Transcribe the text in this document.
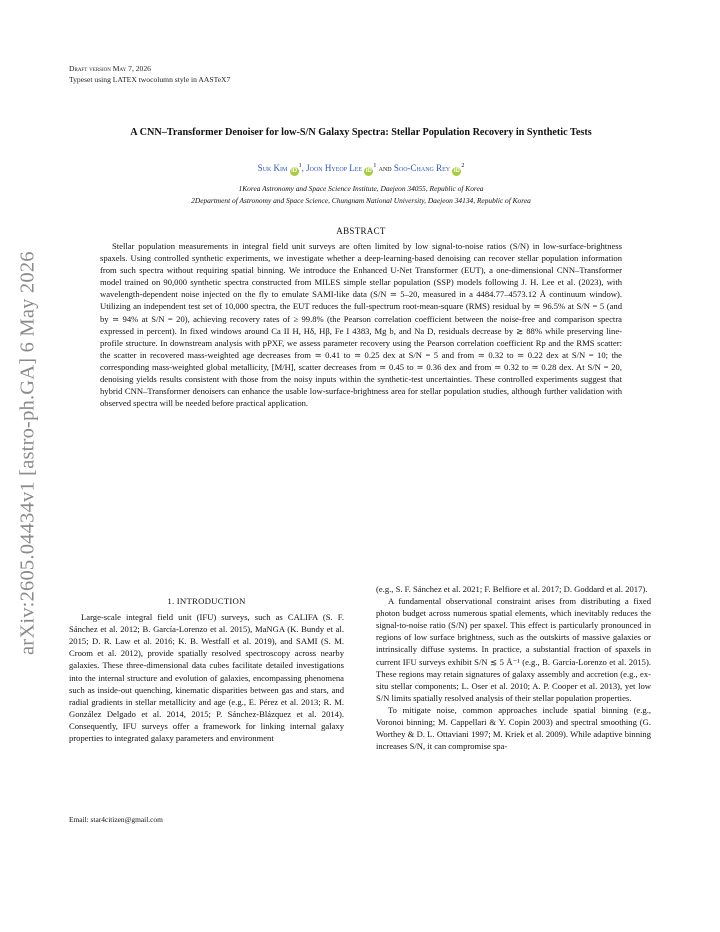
arXiv:2605.04434v1 [astro-ph.GA] 6 May 2026
Draft version May 7, 2026
Typeset using LATEX twocolumn style in AASTeX7
A CNN–Transformer Denoiser for low-S/N Galaxy Spectra: Stellar Population Recovery in Synthetic Tests
Suk Kim $iD^1$, Joon Hyeop Lee $iD^1$ and Soo-Chang Rey $iD^2$
1Korea Astronomy and Space Science Institute, Daejeon 34055, Republic of Korea
2Department of Astronomy and Space Science, Chungnam National University, Daejeon 34134, Republic of Korea
ABSTRACT
Stellar population measurements in integral field unit surveys are often limited by low signal-to-noise ratios (S/N) in low-surface-brightness spaxels. Using controlled synthetic experiments, we investigate whether a deep-learning-based denoising can recover stellar population information from such spectra without requiring spatial binning. We introduce the Enhanced U-Net Transformer (EUT), a one-dimensional CNN–Transformer model trained on 90,000 synthetic spectra constructed from MILES simple stellar population (SSP) models following J. H. Lee et al. (2023), with wavelength-dependent noise injected on the fly to emulate SAMI-like data (S/N ≃ 5–20, measured in a 4484.77–4573.12 Å continuum window). Utilizing an independent test set of 10,000 spectra, the EUT reduces the full-spectrum root-mean-square (RMS) residual by ≃ 96.5% at S/N = 5 (and by ≃ 94% at S/N = 20), achieving recovery rates of ≥ 99.8% (the Pearson correlation coefficient between the noise-free and comparison spectra expressed in percent). In fixed windows around Ca II H, Hδ, Hβ, Fe I 4383, Mg b, and Na D, residuals decrease by ≳ 88% while preserving line-profile structure. In downstream analysis with pPXF, we assess parameter recovery using the Pearson correlation coefficient Rp and the RMS scatter: the scatter in recovered mass-weighted age decreases from ≃ 0.41 to ≃ 0.25 dex at S/N = 5 and from ≃ 0.32 to ≃ 0.22 dex at S/N = 10; the corresponding mass-weighted global metallicity, [M/H], scatter decreases from ≃ 0.45 to ≃ 0.36 dex and from ≃ 0.32 to ≃ 0.28 dex. At S/N = 20, denoising yields results consistent with those from the noisy inputs within the synthetic-test uncertainties. These controlled experiments suggest that hybrid CNN–Transformer denoisers can enhance the usable low-surface-brightness area for stellar population studies, although further validation with observed spectra will be needed before practical application.
1. INTRODUCTION

Large-scale integral field unit (IFU) surveys, such as CALIFA (S. F. Sánchez et al. 2012; B. García-Lorenzo et al. 2015), MaNGA (K. Bundy et al. 2015; D. R. Law et al. 2016; K. B. Westfall et al. 2019), and SAMI (S. M. Croom et al. 2012), provide spatially resolved spectroscopy across nearby galaxies. These three-dimensional data cubes facilitate detailed investigations into the internal structure and evolution of galaxies, encompassing phenomena such as inside-out quenching, kinematic disparities between gas and stars, and radial gradients in stellar metallicity and age (e.g., E. Pérez et al. 2013; R. M. González Delgado et al. 2014, 2015; P. Sánchez-Blázquez et al. 2014). Consequently, IFU surveys offer a framework for linking internal galaxy properties to integrated galaxy parameters and environment

(e.g., S. F. Sánchez et al. 2021; F. Belfiore et al. 2017; D. Goddard et al. 2017).

A fundamental observational constraint arises from distributing a fixed photon budget across numerous spatial elements, which inevitably reduces the signal-to-noise ratio (S/N) per spaxel. This effect is particularly pronounced in regions of low surface brightness, such as the outskirts of massive galaxies or intrinsically diffuse systems. In practice, a substantial fraction of spaxels in current IFU surveys exhibit S/N ≲ 5 Å⁻¹ (e.g., B. García-Lorenzo et al. 2015). These regions may retain signatures of galaxy assembly and accretion (e.g., ex-situ stellar components; L. Oser et al. 2010; A. P. Cooper et al. 2013), yet low S/N limits spatially resolved analysis of their stellar population properties.

To mitigate noise, common approaches include spatial binning (e.g., Voronoi binning; M. Cappellari & Y. Copin 2003) and spectral smoothing (G. Worthey & D. L. Ottaviani 1997; M. Kriek et al. 2009). While adaptive binning increases S/N, it can compromise spa-

Email: star4citizen@gmail.com
